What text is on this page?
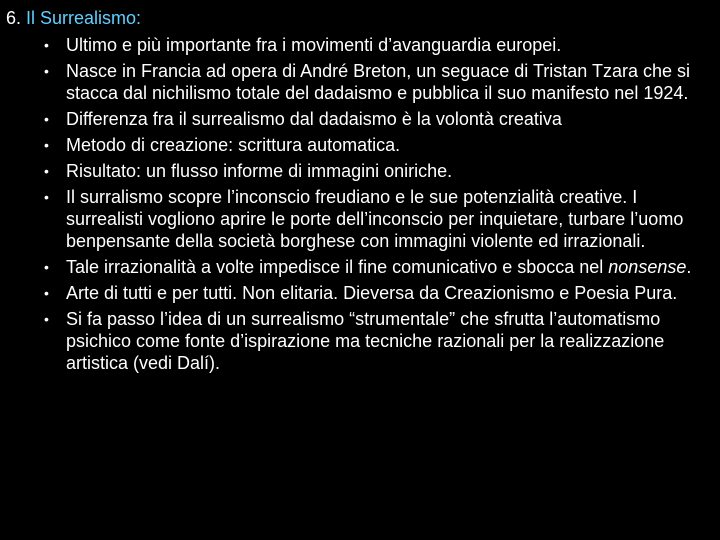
6. Il Surrealismo:
• Ultimo e più importante fra i movimenti d’avanguardia europei.
• Nasce in Francia ad opera di André Breton, un seguace di Tristan Tzara che si stacca dal nichilismo totale del dadaismo e pubblica il suo manifesto nel 1924.
• Differenza fra il surrealismo dal dadaismo è la volontà creativa
• Metodo di creazione: scrittura automatica.
• Risultato: un flusso informe di immagini oniriche.
• Il surralismo scopre l’inconscio freudiano e le sue potenzialità creative. I surrealisti vogliono aprire le porte dell’inconscio per inquietare, turbare l’uomo benpensante della società borghese con immagini violente ed irrazionali.
• Tale irrazionalità a volte impedisce il fine comunicativo e sbocca nel nonsense.
• Arte di tutti e per tutti. Non elitaria. Dieversa da Creazionismo e Poesia Pura.
• Si fa passo l’idea di un surrealismo “strumentale” che sfrutta l’automatismo psichico come fonte d’ispirazione ma tecniche razionali per la realizzazione artistica (vedi Dalí).
